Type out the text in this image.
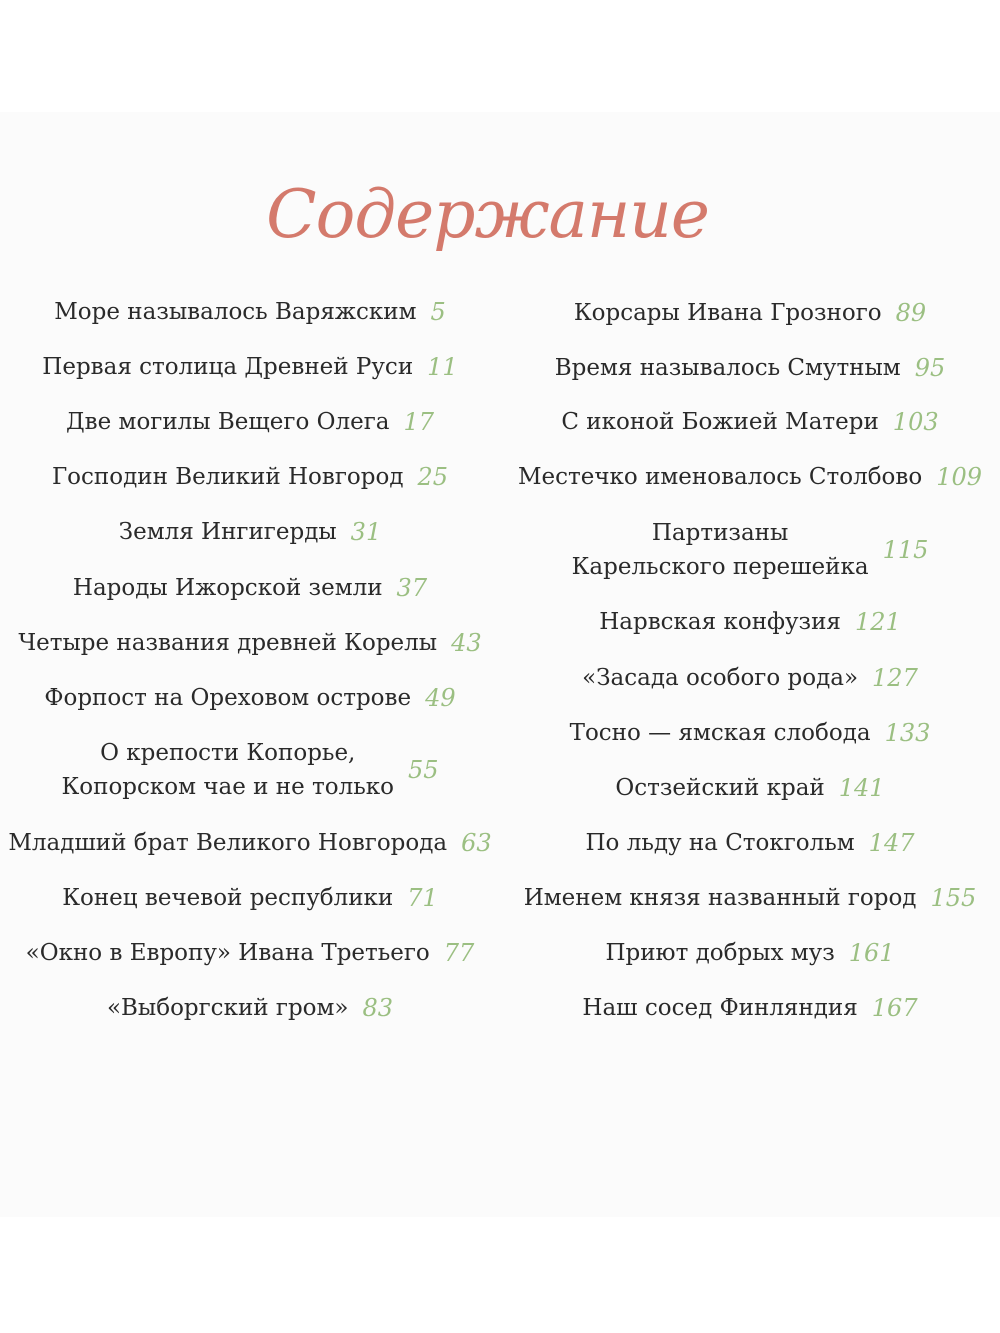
Содержание
Море называлось Варяжским 5
Первая столица Древней Руси 11
Две могилы Вещего Олега 17
Господин Великий Новгород 25
Земля Ингигерды 31
Народы Ижорской земли 37
Четыре названия древней Корелы 43
Форпост на Ореховом острове 49
О крепости Копорье,
Копорском чае и не только
55
Младший брат Великого Новгорода 63
Конец вечевой республики 71
«Окно в Европу» Ивана Третьего 77
«Выборгский гром» 83
Корсары Ивана Грозного 89
Время называлось Смутным 95
С иконой Божией Матери 103
Местечко именовалось Столбово 109
Партизаны
Карельского перешейка
115
Нарвская конфузия 121
«Засада особого рода» 127
Тосно — ямская слобода 133
Остзейский край 141
По льду на Стокгольм 147
Именем князя названный город 155
Приют добрых муз 161
Наш сосед Финляндия 167
